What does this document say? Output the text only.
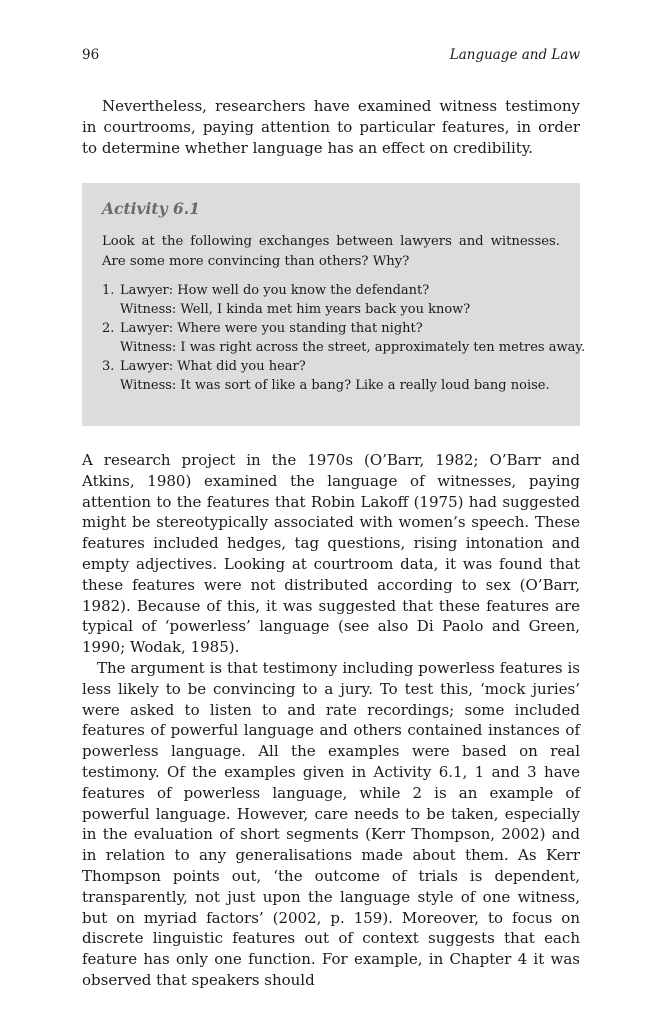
96	Language and Law

Nevertheless, researchers have examined witness testimony in courtrooms, paying attention to particular features, in order to determine whether language has an effect on credibility.

Activity 6.1

Look at the following exchanges between lawyers and witnesses. Are some more convincing than others? Why?

1. Lawyer: How well do you know the defendant?
Witness: Well, I kinda met him years back you know?
2. Lawyer: Where were you standing that night?
Witness: I was right across the street, approximately ten metres away.
3. Lawyer: What did you hear?
Witness: It was sort of like a bang? Like a really loud bang noise.

A research project in the 1970s (O’Barr, 1982; O’Barr and Atkins, 1980) examined the language of witnesses, paying attention to the features that Robin Lakoff (1975) had suggested might be stereotypically associated with women’s speech. These features included hedges, tag questions, rising intonation and empty adjectives. Looking at courtroom data, it was found that these features were not distributed according to sex (O’Barr, 1982). Because of this, it was suggested that these features are typical of ‘powerless’ language (see also Di Paolo and Green, 1990; Wodak, 1985).

The argument is that testimony including powerless features is less likely to be convincing to a jury. To test this, ‘mock juries’ were asked to listen to and rate recordings; some included features of powerful language and others contained instances of powerless language. All the examples were based on real testimony. Of the examples given in Activity 6.1, 1 and 3 have features of powerless language, while 2 is an example of powerful language. However, care needs to be taken, especially in the evaluation of short segments (Kerr Thompson, 2002) and in relation to any generalisations made about them. As Kerr Thompson points out, ‘the outcome of trials is dependent, transparently, not just upon the language style of one witness, but on myriad factors’ (2002, p. 159). Moreover, to focus on discrete linguistic features out of context suggests that each feature has only one function. For example, in Chapter 4 it was observed that speakers should
